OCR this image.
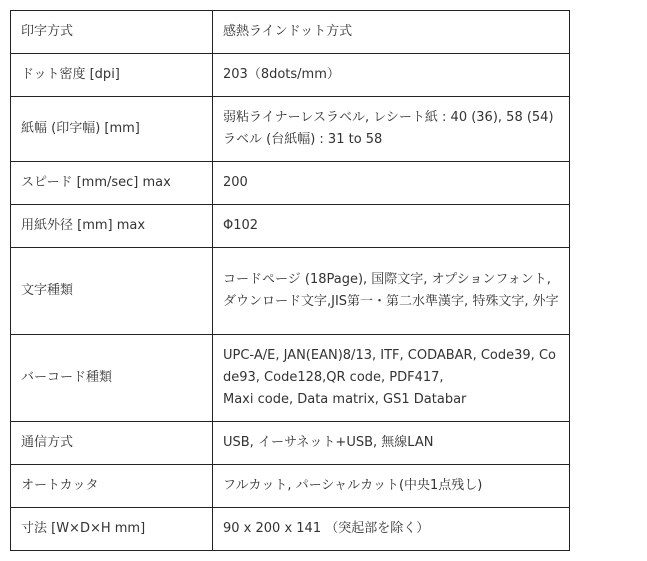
印字方式	感熱ラインドット方式
ドット密度 [dpi]	203（8dots/mm）
紙幅 (印字幅) [mm]	弱粘ライナーレスラベル, レシート紙 : 40 (36), 58 (54)　ラベル (台紙幅) : 31 to 58
スピード [mm/sec] max	200
用紙外径 [mm] max	Φ102
文字種類	コードページ (18Page), 国際文字, オプションフォント, ダウンロード文字,JIS第一・第二水準漢字, 特殊文字, 外字
バーコード種類	UPC-A/E, JAN(EAN)8/13, ITF, CODABAR, Code39, Code93, Code128,QR code, PDF417,
Maxi code, Data matrix, GS1 Databar
通信方式	USB, イーサネット+USB, 無線LAN
オートカッタ	フルカット, パーシャルカット(中央1点残し)
寸法 [W×D×H mm]	90 x 200 x 141 （突起部を除く）
